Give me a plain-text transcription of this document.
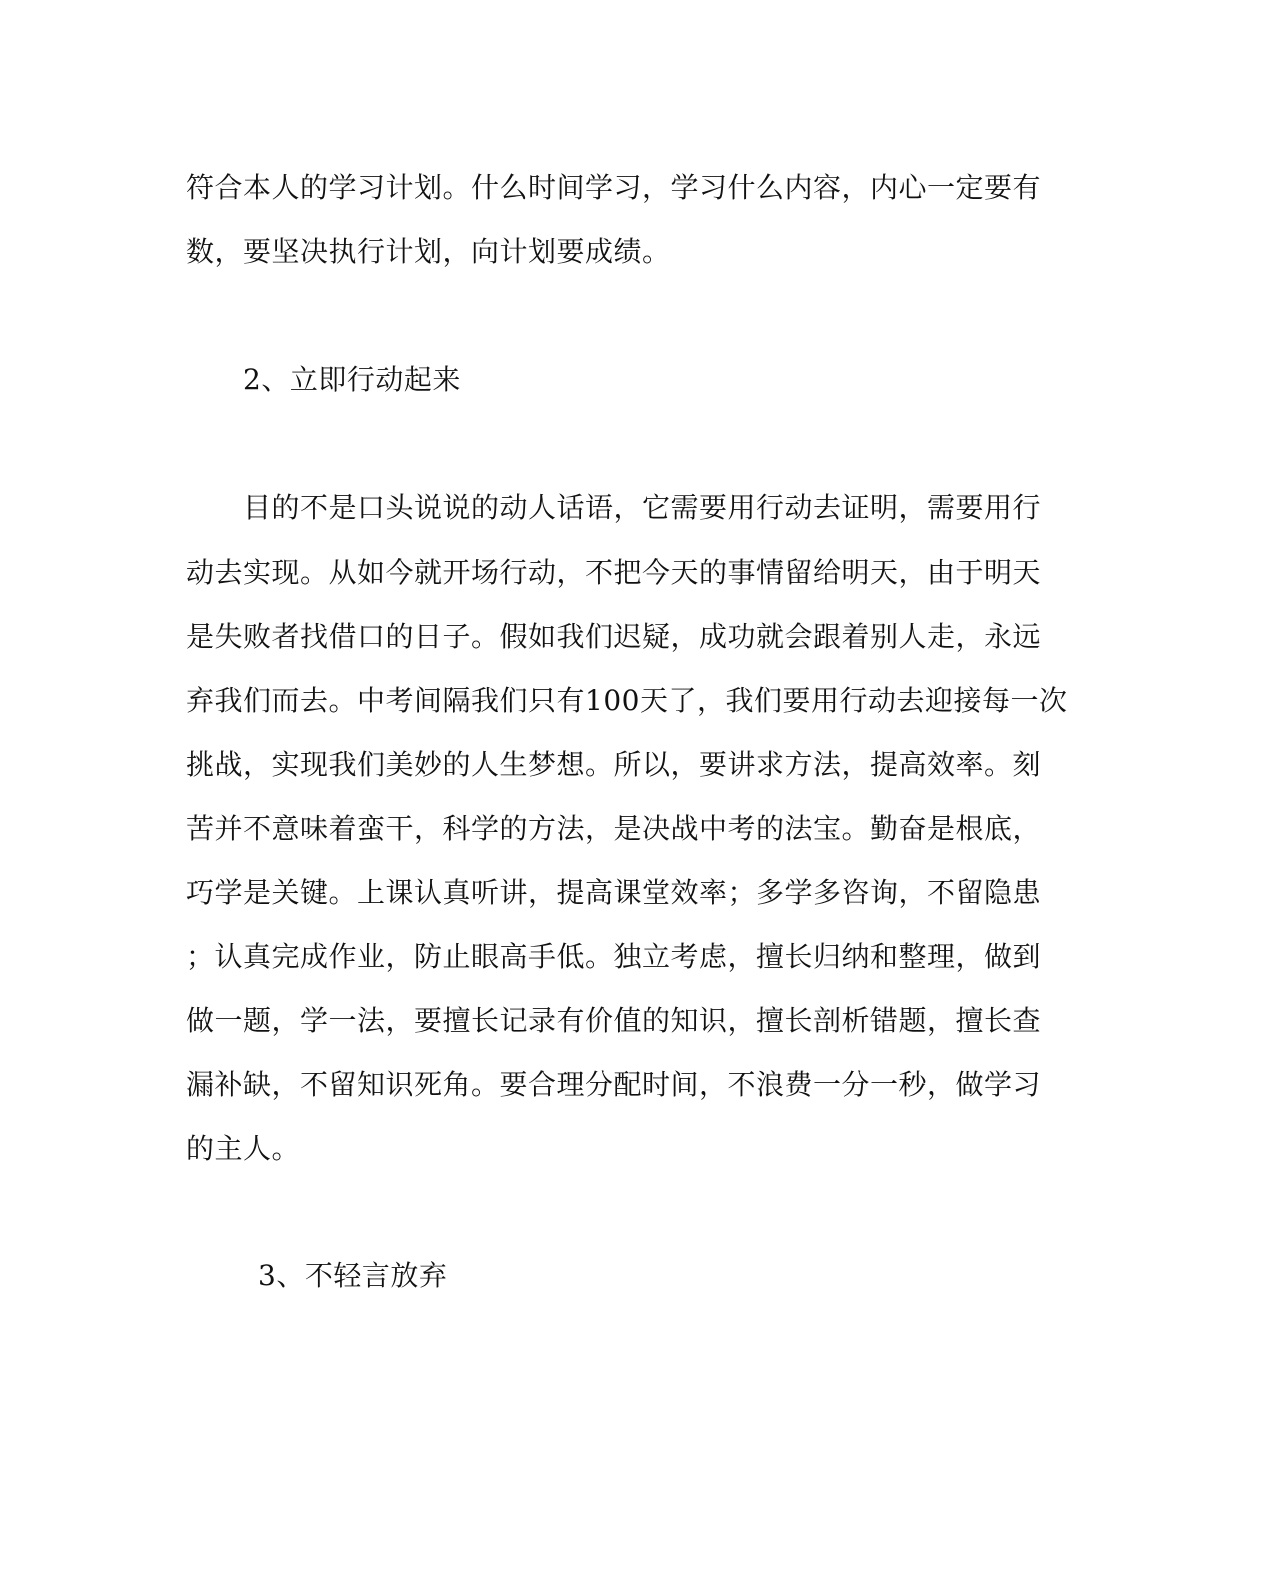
符合本人的学习计划。什么时间学习，学习什么内容，内心一定要有
数，要坚决执行计划，向计划要成绩。
2、立即行动起来
目的不是口头说说的动人话语，它需要用行动去证明，需要用行
动去实现。从如今就开场行动，不把今天的事情留给明天，由于明天
是失败者找借口的日子。假如我们迟疑，成功就会跟着别人走，永远
弃我们而去。中考间隔我们只有100天了，我们要用行动去迎接每一次
挑战，实现我们美妙的人生梦想。所以，要讲求方法，提高效率。刻
苦并不意味着蛮干，科学的方法，是决战中考的法宝。勤奋是根底，
巧学是关键。上课认真听讲，提高课堂效率；多学多咨询，不留隐患
；认真完成作业，防止眼高手低。独立考虑，擅长归纳和整理，做到
做一题，学一法，要擅长记录有价值的知识，擅长剖析错题，擅长查
漏补缺，不留知识死角。要合理分配时间，不浪费一分一秒，做学习
的主人。
3、不轻言放弃
